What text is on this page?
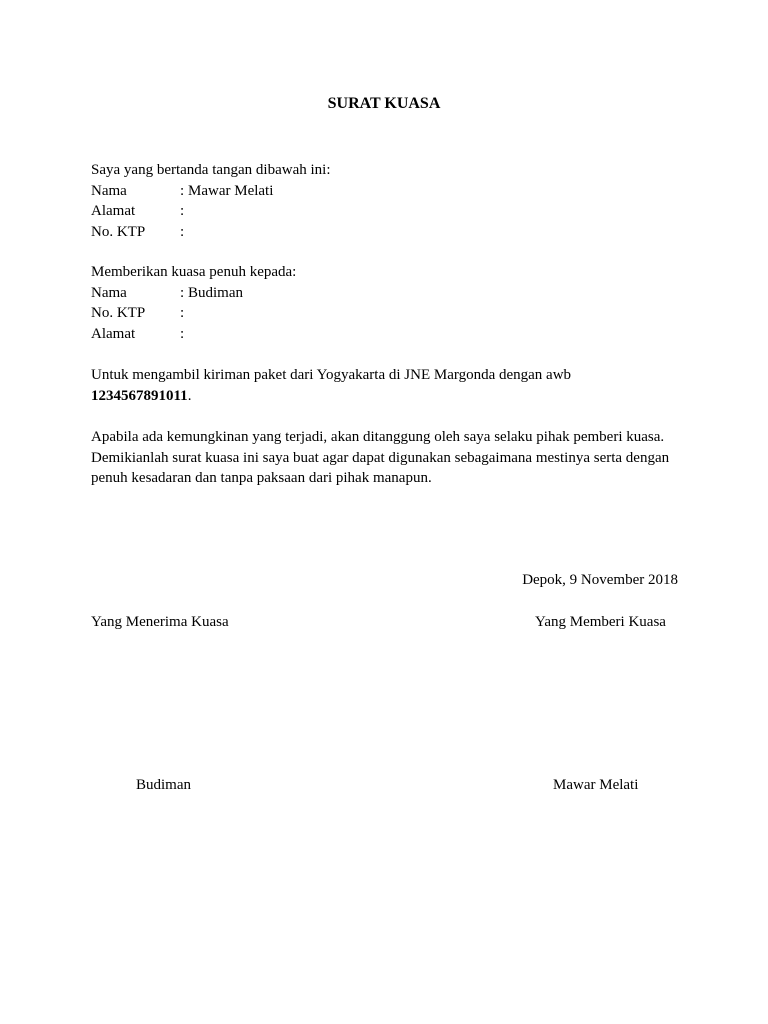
SURAT KUASA
Saya yang bertanda tangan dibawah ini:
Nama	: Mawar Melati
Alamat	:
No. KTP :
Memberikan kuasa penuh kepada:
Nama	: Budiman
No. KTP :
Alamat	:
Untuk mengambil kiriman paket dari Yogyakarta di JNE Margonda dengan awb
1234567891011.
Apabila ada kemungkinan yang terjadi, akan ditanggung oleh saya selaku pihak pemberi kuasa.
Demikianlah surat kuasa ini saya buat agar dapat digunakan sebagaimana mestinya serta dengan
penuh kesadaran dan tanpa paksaan dari pihak manapun.
Depok, 9 November 2018
Yang Menerima Kuasa	Yang Memberi Kuasa
Budiman	Mawar Melati
